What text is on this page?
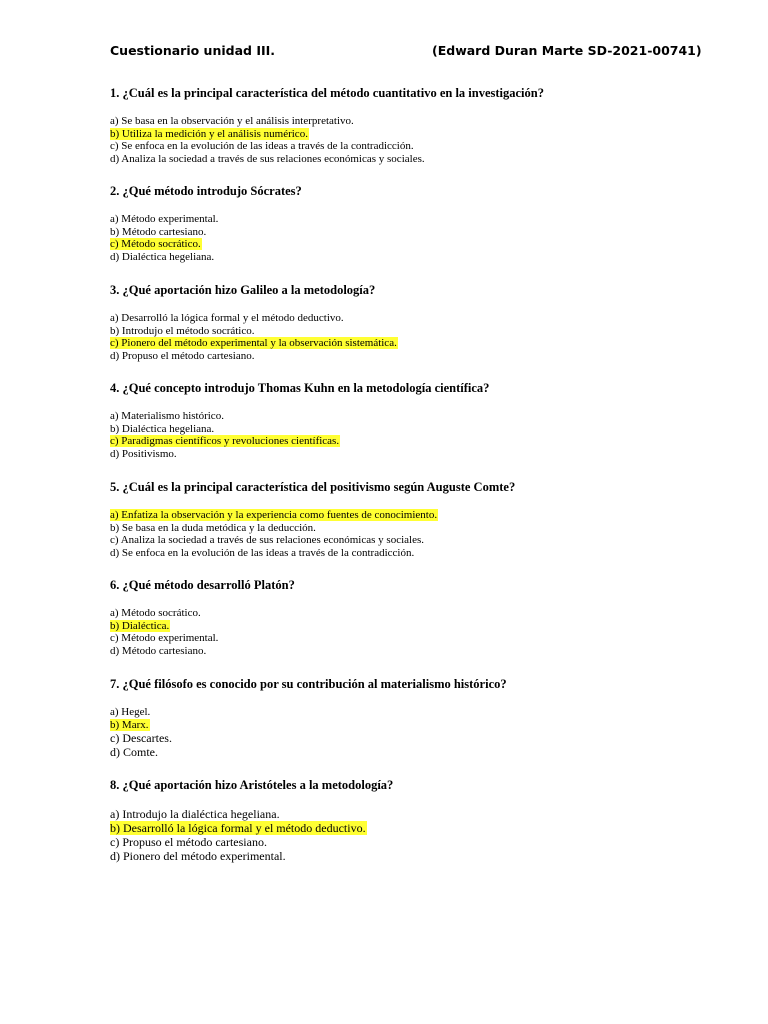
Cuestionario unidad III.	(Edward Duran Marte SD-2021-00741)
1. ¿Cuál es la principal característica del método cuantitativo en la investigación?
a) Se basa en la observación y el análisis interpretativo.
b) Utiliza la medición y el análisis numérico.
c) Se enfoca en la evolución de las ideas a través de la contradicción.
d) Analiza la sociedad a través de sus relaciones económicas y sociales.
2. ¿Qué método introdujo Sócrates?
a) Método experimental.
b) Método cartesiano.
c) Método socrático.
d) Dialéctica hegeliana.
3. ¿Qué aportación hizo Galileo a la metodología?
a) Desarrolló la lógica formal y el método deductivo.
b) Introdujo el método socrático.
c) Pionero del método experimental y la observación sistemática.
d) Propuso el método cartesiano.
4. ¿Qué concepto introdujo Thomas Kuhn en la metodología científica?
a) Materialismo histórico.
b) Dialéctica hegeliana.
c) Paradigmas científicos y revoluciones científicas.
d) Positivismo.
5. ¿Cuál es la principal característica del positivismo según Auguste Comte?
a) Enfatiza la observación y la experiencia como fuentes de conocimiento.
b) Se basa en la duda metódica y la deducción.
c) Analiza la sociedad a través de sus relaciones económicas y sociales.
d) Se enfoca en la evolución de las ideas a través de la contradicción.
6. ¿Qué método desarrolló Platón?
a) Método socrático.
b) Dialéctica.
c) Método experimental.
d) Método cartesiano.
7. ¿Qué filósofo es conocido por su contribución al materialismo histórico?
a) Hegel.
b) Marx.
c) Descartes.
d) Comte.
8. ¿Qué aportación hizo Aristóteles a la metodología?
a) Introdujo la dialéctica hegeliana.
b) Desarrolló la lógica formal y el método deductivo.
c) Propuso el método cartesiano.
d) Pionero del método experimental.
